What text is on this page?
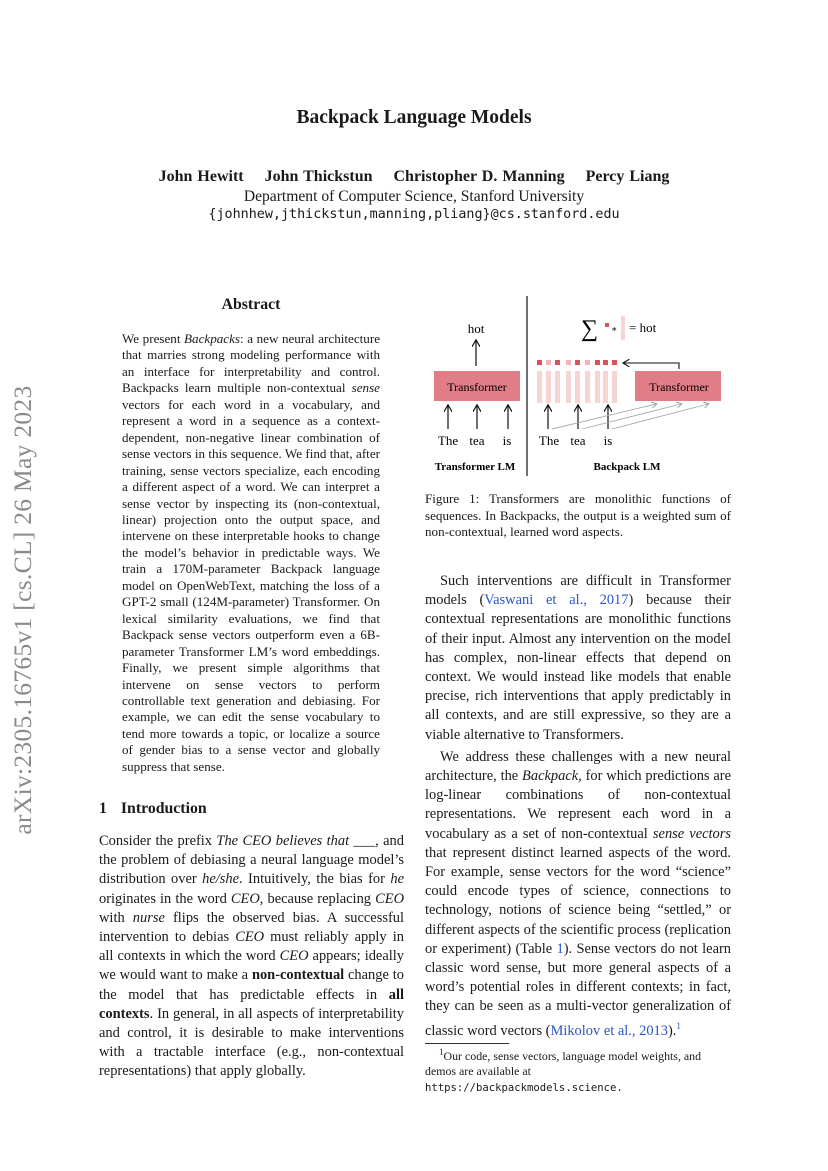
arXiv:2305.16765v1 [cs.CL] 26 May 2023
Backpack Language Models
John Hewitt John Thickstun Christopher D. Manning Percy Liang
Department of Computer Science, Stanford University
{johnhew,jthickstun,manning,pliang}@cs.stanford.edu
Abstract
We present Backpacks: a new neural architecture that marries strong modeling performance with an interface for interpretability and control. Backpacks learn multiple non-contextual sense vectors for each word in a vocabulary, and represent a word in a sequence as a context-dependent, non-negative linear combination of sense vectors in this sequence. We find that, after training, sense vectors specialize, each encoding a different aspect of a word. We can interpret a sense vector by inspecting its (non-contextual, linear) projection onto the output space, and intervene on these interpretable hooks to change the model’s behavior in predictable ways. We train a 170M-parameter Backpack language model on OpenWebText, matching the loss of a GPT-2 small (124M-parameter) Transformer. On lexical similarity evaluations, we find that Backpack sense vectors outperform even a 6B-parameter Transformer LM’s word embeddings. Finally, we present simple algorithms that intervene on sense vectors to perform controllable text generation and debiasing. For example, we can edit the sense vocabulary to tend more towards a topic, or localize a source of gender bias to a sense vector and globally suppress that sense.
1 Introduction
Consider the prefix The CEO believes that ___, and the problem of debiasing a neural language model’s distribution over he/she. Intuitively, the bias for he originates in the word CEO, because replacing CEO with nurse flips the observed bias. A successful intervention to debias CEO must reliably apply in all contexts in which the word CEO appears; ideally we would want to make a non-contextual change to the model that has predictable effects in all contexts. In general, in all aspects of interpretability and control, it is desirable to make interventions with a tractable interface (e.g., non-contextual representations) that apply globally.
hot
Transformer
The tea is
Transformer LM
∑ ∗ = hot
Transformer
The tea is
Backpack LM
Figure 1: Transformers are monolithic functions of sequences. In Backpacks, the output is a weighted sum of non-contextual, learned word aspects.

Such interventions are difficult in Transformer models (Vaswani et al., 2017) because their contextual representations are monolithic functions of their input. Almost any intervention on the model has complex, non-linear effects that depend on context. We would instead like models that enable precise, rich interventions that apply predictably in all contexts, and are still expressive, so they are a viable alternative to Transformers.

We address these challenges with a new neural architecture, the Backpack, for which predictions are log-linear combinations of non-contextual representations. We represent each word in a vocabulary as a set of non-contextual sense vectors that represent distinct learned aspects of the word. For example, sense vectors for the word “science” could encode types of science, connections to technology, notions of science being “settled,” or different aspects of the scientific process (replication or experiment) (Table 1). Sense vectors do not learn classic word sense, but more general aspects of a word’s potential roles in different contexts; in fact, they can be seen as a multi-vector generalization of classic word vectors (Mikolov et al., 2013).$^1$

$^1$Our code, sense vectors, language model weights, and demos are available at https://backpackmodels.science.
